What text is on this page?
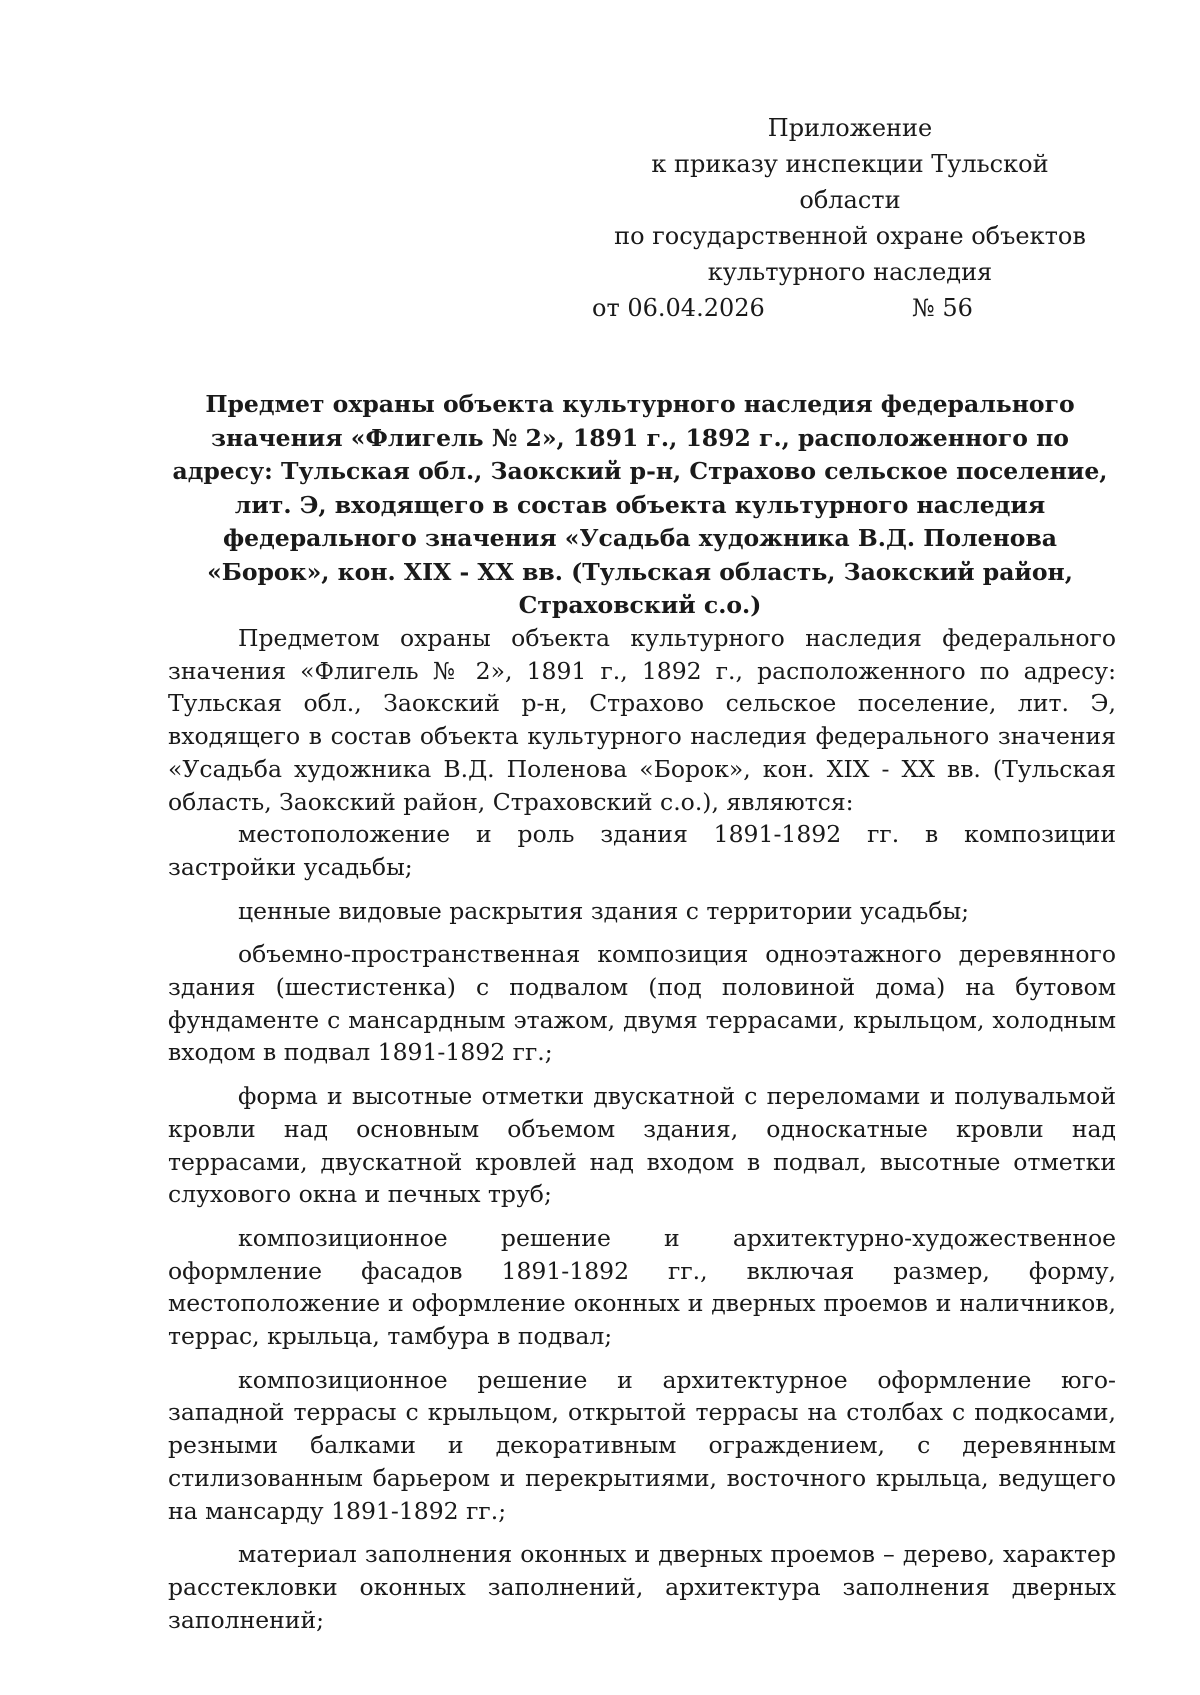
Приложение
к приказу инспекции Тульской области
по государственной охране объектов
культурного наследия
от 06.04.2026	№ 56
Предмет охраны объекта культурного наследия федерального значения «Флигель № 2», 1891 г., 1892 г., расположенного по адресу: Тульская обл., Заокский р-н, Страхово сельское поселение, лит. Э, входящего в состав объекта культурного наследия федерального значения «Усадьба художника В.Д. Поленова «Борок», кон. XIX - XX вв. (Тульская область, Заокский район, Страховский с.о.)

Предметом охраны объекта культурного наследия федерального значения «Флигель № 2», 1891 г., 1892 г., расположенного по адресу: Тульская обл., Заокский р-н, Страхово сельское поселение, лит. Э, входящего в состав объекта культурного наследия федерального значения «Усадьба художника В.Д. Поленова «Борок», кон. XIX - XX вв. (Тульская область, Заокский район, Страховский с.о.), являются:

местоположение и роль здания 1891-1892 гг. в композиции застройки усадьбы;

ценные видовые раскрытия здания с территории усадьбы;

объемно-пространственная композиция одноэтажного деревянного здания (шестистенка) с подвалом (под половиной дома) на бутовом фундаменте с мансардным этажом, двумя террасами, крыльцом, холодным входом в подвал 1891-1892 гг.;

форма и высотные отметки двускатной с переломами и полувальмой кровли над основным объемом здания, односкатные кровли над террасами, двускатной кровлей над входом в подвал, высотные отметки слухового окна и печных труб;

композиционное решение и архитектурно-художественное оформление фасадов 1891-1892 гг., включая размер, форму, местоположение и оформление оконных и дверных проемов и наличников, террас, крыльца, тамбура в подвал;

композиционное решение и архитектурное оформление юго-западной террасы с крыльцом, открытой террасы на столбах с подкосами, резными балками и декоративным ограждением, с деревянным стилизованным барьером и перекрытиями, восточного крыльца, ведущего на мансарду 1891-1892 гг.;

материал заполнения оконных и дверных проемов – дерево, характер расстекловки оконных заполнений, архитектура заполнения дверных заполнений;
